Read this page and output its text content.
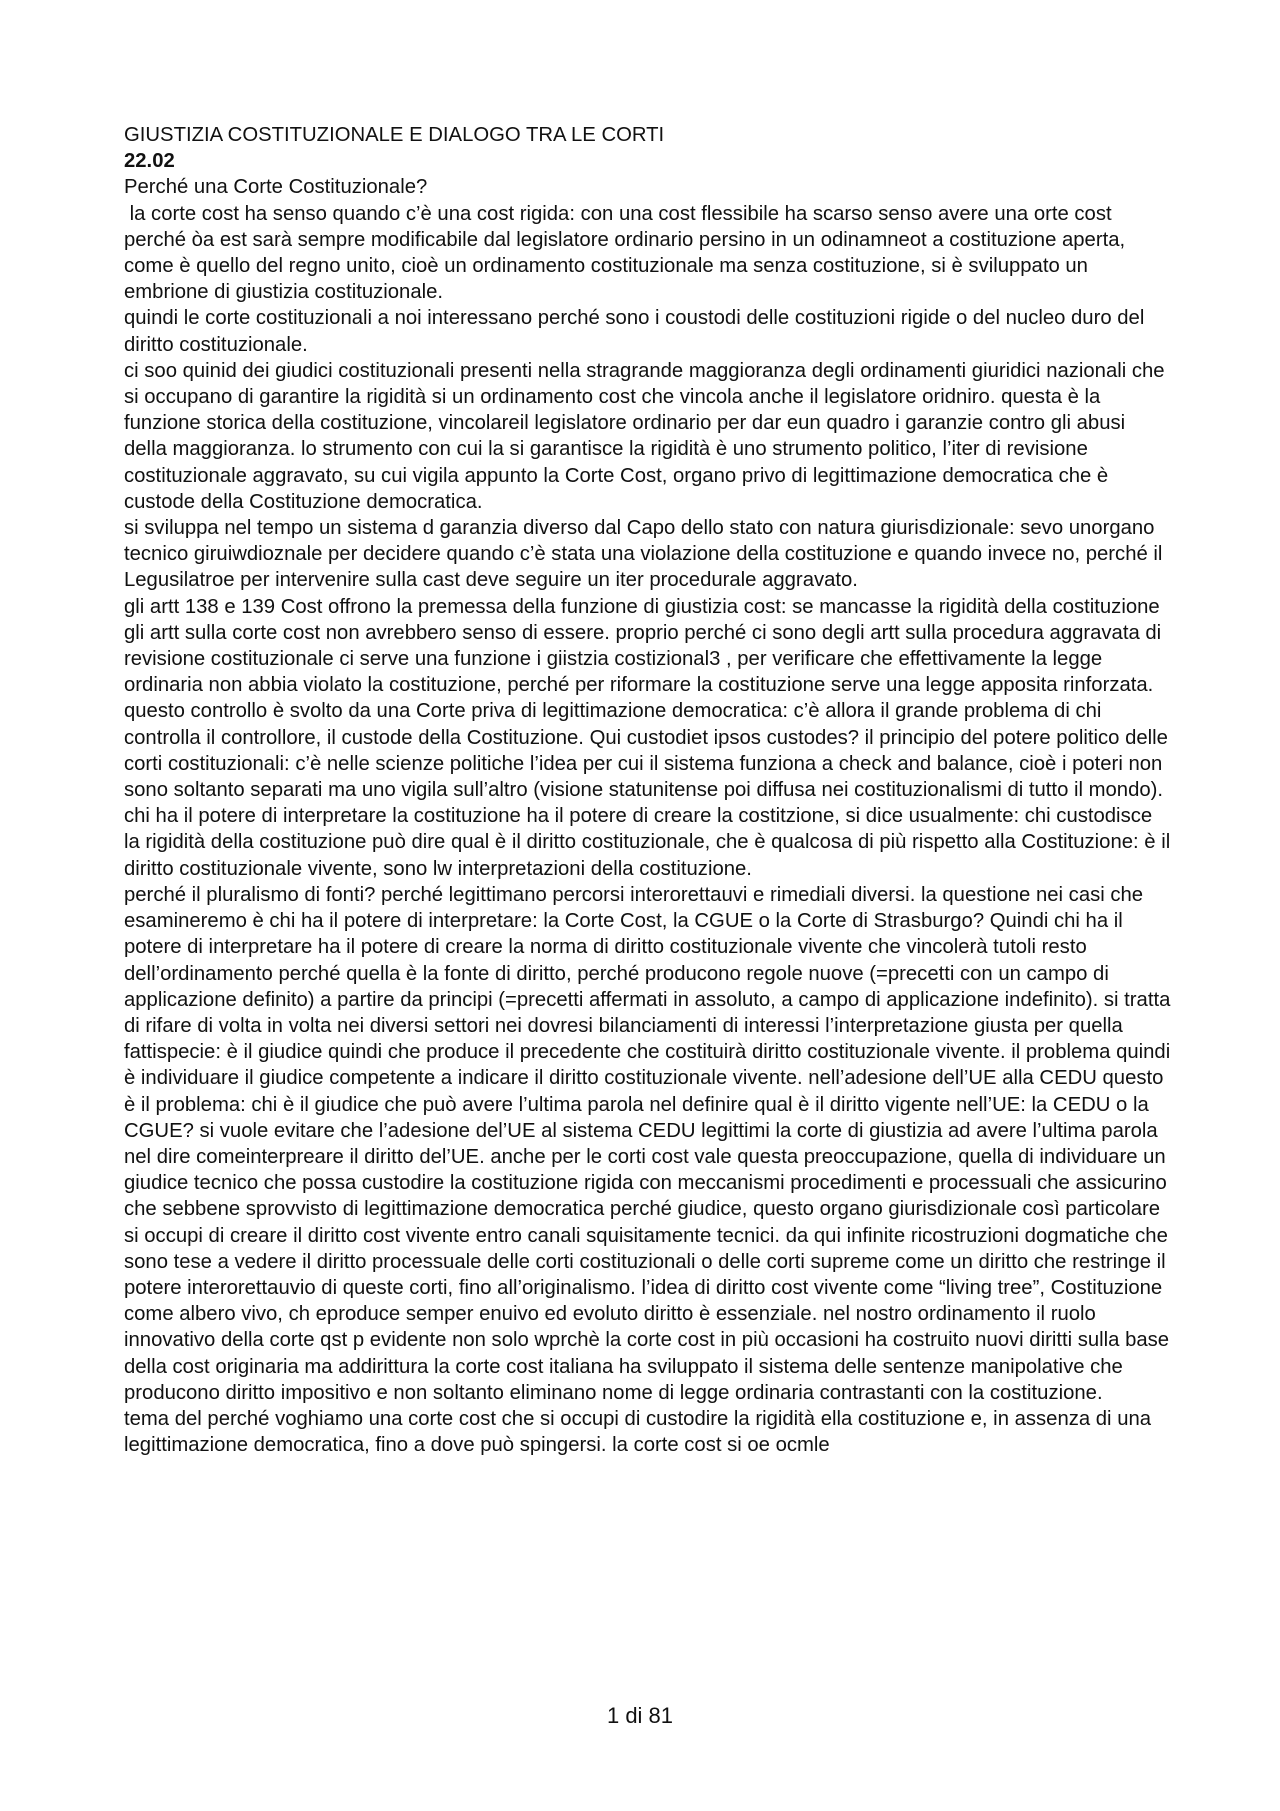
GIUSTIZIA COSTITUZIONALE E DIALOGO TRA LE CORTI

22.02

Perché una Corte Costituzionale?

la corte cost ha senso quando c’è una cost rigida: con una cost flessibile ha scarso senso avere una orte cost perché òa est sarà sempre modificabile dal legislatore ordinario persino in un odinamneot a costituzione aperta, come è quello del regno unito, cioè un ordinamento costituzionale ma senza costituzione, si è sviluppato un embrione di giustizia costituzionale.

quindi le corte costituzionali a noi interessano perché sono i coustodi delle costituzioni rigide o del nucleo duro del diritto costituzionale.

ci soo quinid dei giudici costituzionali presenti nella stragrande maggioranza degli ordinamenti giuridici nazionali che si occupano di garantire la rigidità si un ordinamento cost che vincola anche il legislatore oridniro. questa è la funzione storica della costituzione, vincolareil legislatore ordinario per dar eun quadro i garanzie contro gli abusi della maggioranza. lo strumento con cui la si garantisce la rigidità è uno strumento politico, l’iter di revisione costituzionale aggravato, su cui vigila appunto la Corte Cost, organo privo di legittimazione democratica che è custode della Costituzione democratica.

si sviluppa nel tempo un sistema d garanzia diverso dal Capo dello stato con natura giurisdizionale: sevo unorgano tecnico giruiwdioznale per decidere quando c’è stata una violazione della costituzione e quando invece no, perché il Legusilatroe per intervenire sulla cast deve seguire un iter procedurale aggravato.

gli artt 138 e 139 Cost offrono la premessa della funzione di giustizia cost: se mancasse la rigidità della costituzione gli artt sulla corte cost non avrebbero senso di essere. proprio perché ci sono degli artt sulla procedura aggravata di revisione costituzionale ci serve una funzione i giistzia costizional3 , per verificare che effettivamente la legge ordinaria non abbia violato la costituzione, perché per riformare la costituzione serve una legge apposita rinforzata.

questo controllo è svolto da una Corte priva di legittimazione democratica: c’è allora il grande problema di chi controlla il controllore, il custode della Costituzione. Qui custodiet ipsos custodes? il principio del potere politico delle corti costituzionali: c’è nelle scienze politiche l’idea per cui il sistema funziona a check and balance, cioè i poteri non sono soltanto separati ma uno vigila sull’altro (visione statunitense poi diffusa nei costituzionalismi di tutto il mondo).

chi ha il potere di interpretare la costituzione ha il potere di creare la costitzione, si dice usualmente: chi custodisce la rigidità della costituzione può dire qual è il diritto costituzionale, che è qualcosa di più rispetto alla Costituzione: è il diritto costituzionale vivente, sono lw interpretazioni della costituzione.

perché il pluralismo di fonti? perché legittimano percorsi interorettauvi e rimediali diversi. la questione nei casi che esamineremo è chi ha il potere di interpretare: la Corte Cost, la CGUE o la Corte di Strasburgo? Quindi chi ha il potere di interpretare ha il potere di creare la norma di diritto costituzionale vivente che vincolerà tutoli resto dell’ordinamento perché quella è la fonte di diritto, perché producono regole nuove (=precetti con un campo di applicazione definito) a partire da principi (=precetti affermati in assoluto, a campo di applicazione indefinito). si tratta di rifare di volta in volta nei diversi settori nei dovresi bilanciamenti di interessi l’interpretazione giusta per quella fattispecie: è il giudice quindi che produce il precedente che costituirà diritto costituzionale vivente. il problema quindi è individuare il giudice competente a indicare il diritto costituzionale vivente. nell’adesione dell’UE alla CEDU questo è il problema: chi è il giudice che può avere l’ultima parola nel definire qual è il diritto vigente nell’UE: la CEDU o la CGUE? si vuole evitare che l’adesione del’UE al sistema CEDU legittimi la corte di giustizia ad avere l’ultima parola nel dire comeinterpreare il diritto del’UE. anche per le corti cost vale questa preoccupazione, quella di individuare un giudice tecnico che possa custodire la costituzione rigida con meccanismi procedimenti e processuali che assicurino che sebbene sprovvisto di legittimazione democratica perché giudice, questo organo giurisdizionale così particolare si occupi di creare il diritto cost vivente entro canali squisitamente tecnici. da qui infinite ricostruzioni dogmatiche che sono tese a vedere il diritto processuale delle corti costituzionali o delle corti supreme come un diritto che restringe il potere interorettauvio di queste corti, fino all’originalismo. l’idea di diritto cost vivente come “living tree”, Costituzione come albero vivo, ch eproduce semper enuivo ed evoluto diritto è essenziale. nel nostro ordinamento il ruolo innovativo della corte qst p evidente non solo wprchè la corte cost in più occasioni ha costruito nuovi diritti sulla base della cost originaria ma addirittura la corte cost italiana ha sviluppato il sistema delle sentenze manipolative che producono diritto impositivo e non soltanto eliminano nome di legge ordinaria contrastanti con la costituzione.

tema del perché voghiamo una corte cost che si occupi di custodire la rigidità ella costituzione e, in assenza di una legittimazione democratica, fino a dove può spingersi. la corte cost si oe ocmle

1 di 81
